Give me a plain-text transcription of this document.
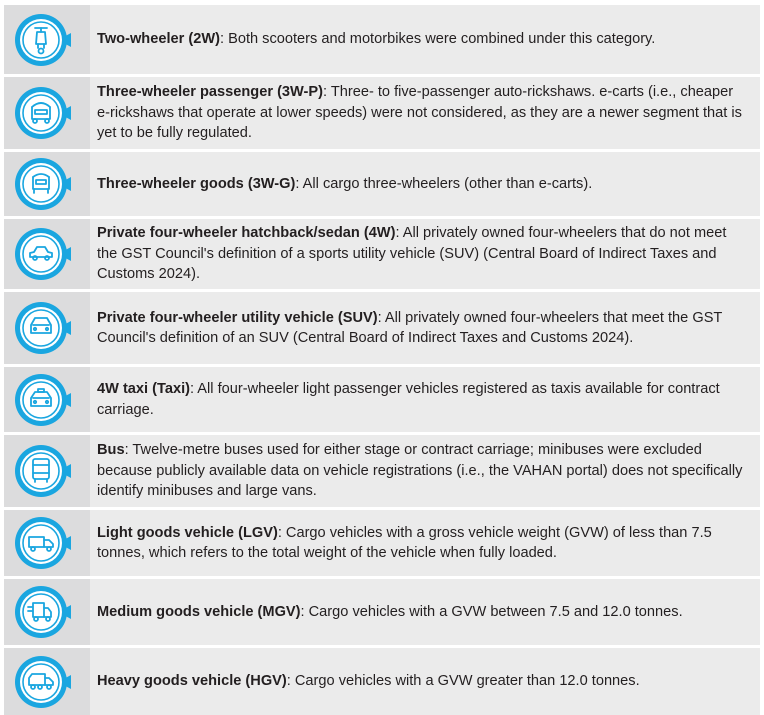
Two-wheeler (2W): Both scooters and motorbikes were combined under this category.

Three-wheeler passenger (3W-P): Three- to five-passenger auto-rickshaws. e-carts (i.e., cheaper e-rickshaws that operate at lower speeds) were not considered, as they are a newer segment that is yet to be fully regulated.

Three-wheeler goods (3W-G): All cargo three-wheelers (other than e-carts).

Private four-wheeler hatchback/sedan (4W): All privately owned four-wheelers that do not meet the GST Council's definition of a sports utility vehicle (SUV) (Central Board of Indirect Taxes and Customs 2024).

Private four-wheeler utility vehicle (SUV): All privately owned four-wheelers that meet the GST Council's definition of an SUV (Central Board of Indirect Taxes and Customs 2024).

4W taxi (Taxi): All four-wheeler light passenger vehicles registered as taxis available for contract carriage.

Bus: Twelve-metre buses used for either stage or contract carriage; minibuses were excluded because publicly available data on vehicle registrations (i.e., the VAHAN portal) does not specifically identify minibuses and large vans.

Light goods vehicle (LGV): Cargo vehicles with a gross vehicle weight (GVW) of less than 7.5 tonnes, which refers to the total weight of the vehicle when fully loaded.

Medium goods vehicle (MGV): Cargo vehicles with a GVW between 7.5 and 12.0 tonnes.

Heavy goods vehicle (HGV): Cargo vehicles with a GVW greater than 12.0 tonnes.
